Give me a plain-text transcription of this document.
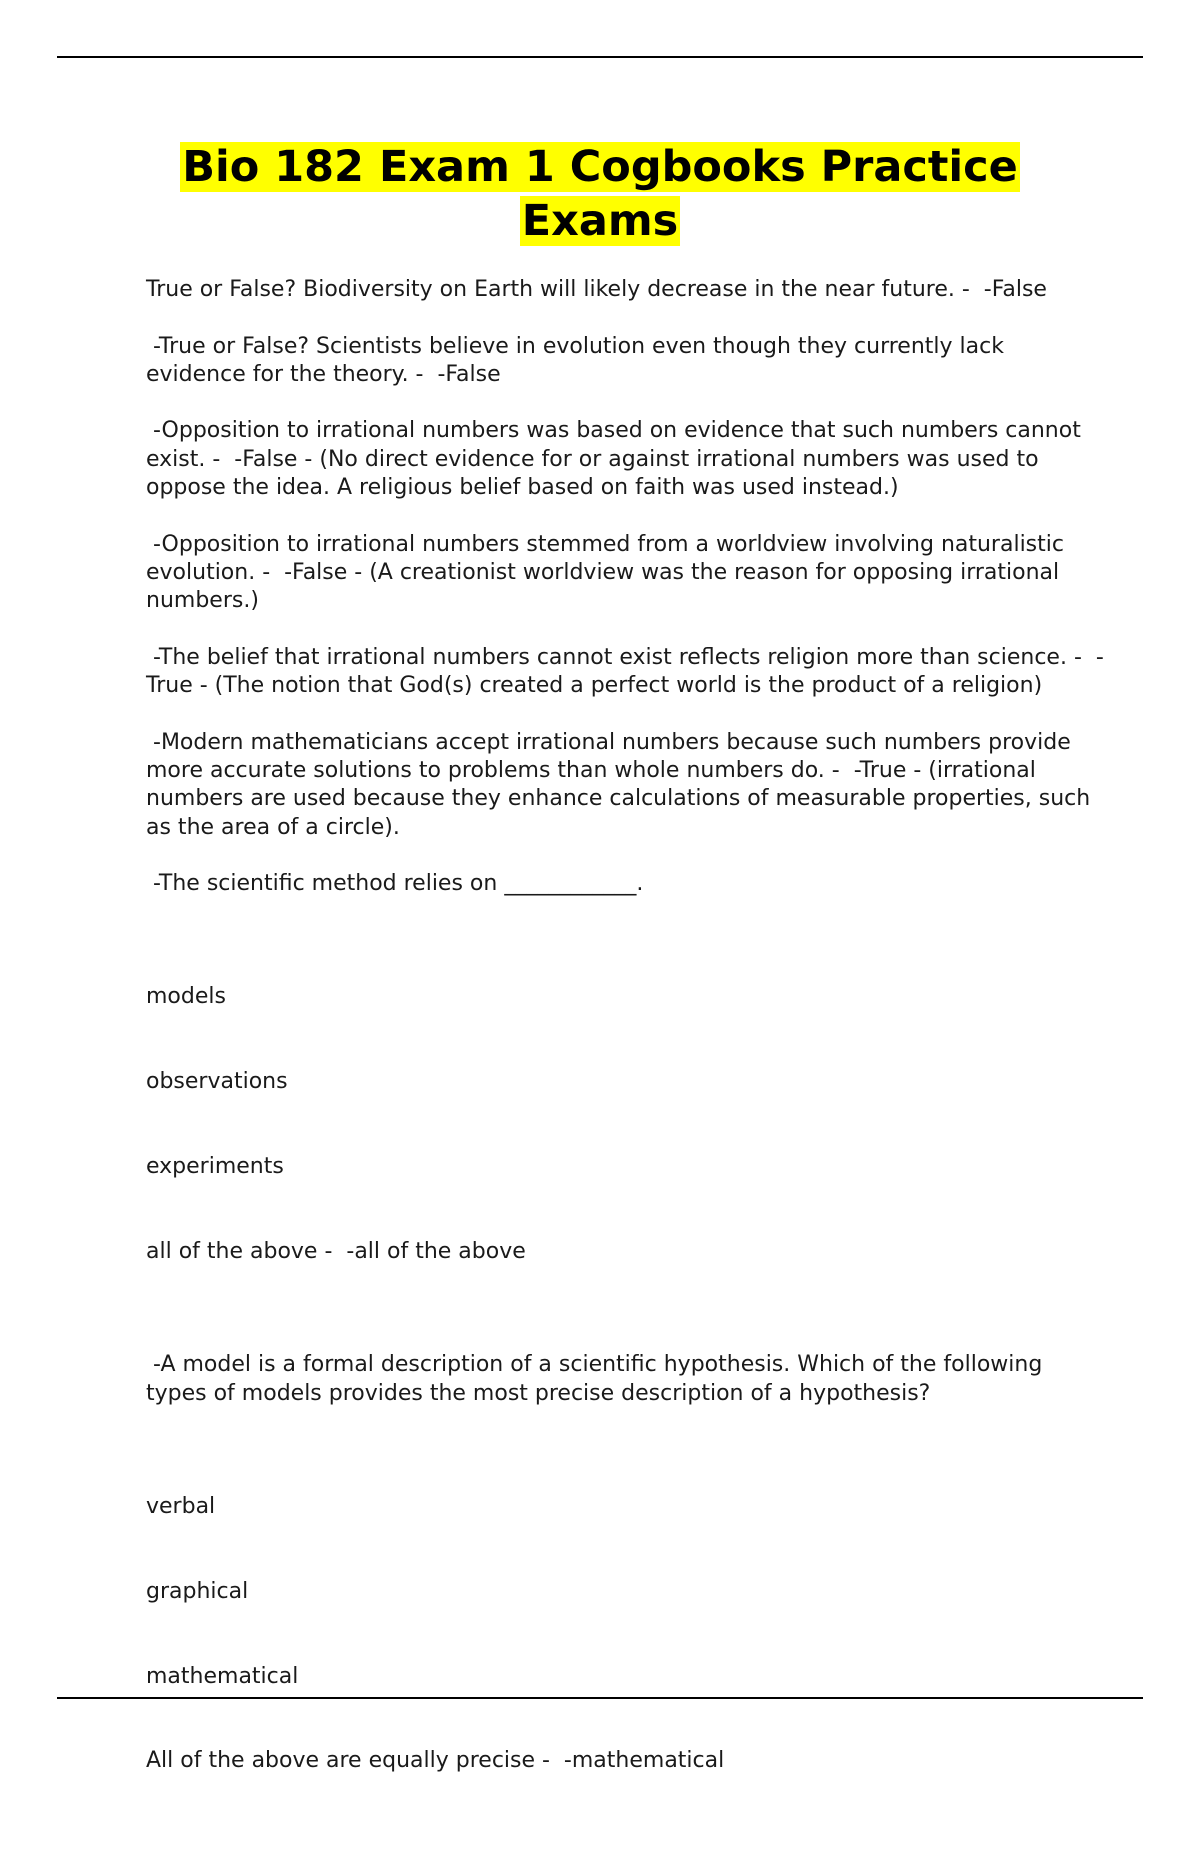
Bio 182 Exam 1 Cogbooks Practice
Exams

True or False? Biodiversity on Earth will likely decrease in the near future. -  -False

-True or False? Scientists believe in evolution even though they currently lack evidence for the theory. -  -False

-Opposition to irrational numbers was based on evidence that such numbers cannot exist. -  -False - (No direct evidence for or against irrational numbers was used to oppose the idea. A religious belief based on faith was used instead.)

-Opposition to irrational numbers stemmed from a worldview involving naturalistic evolution. -  -False - (A creationist worldview was the reason for opposing irrational numbers.)

-The belief that irrational numbers cannot exist reflects religion more than science. -  -True - (The notion that God(s) created a perfect world is the product of a religion)

-Modern mathematicians accept irrational numbers because such numbers provide more accurate solutions to problems than whole numbers do. -  -True - (irrational numbers are used because they enhance calculations of measurable properties, such as the area of a circle).

-The scientific method relies on ____________.

models

observations

experiments

all of the above -  -all of the above

-A model is a formal description of a scientific hypothesis. Which of the following types of models provides the most precise description of a hypothesis?

verbal

graphical

mathematical

All of the above are equally precise -  -mathematical
